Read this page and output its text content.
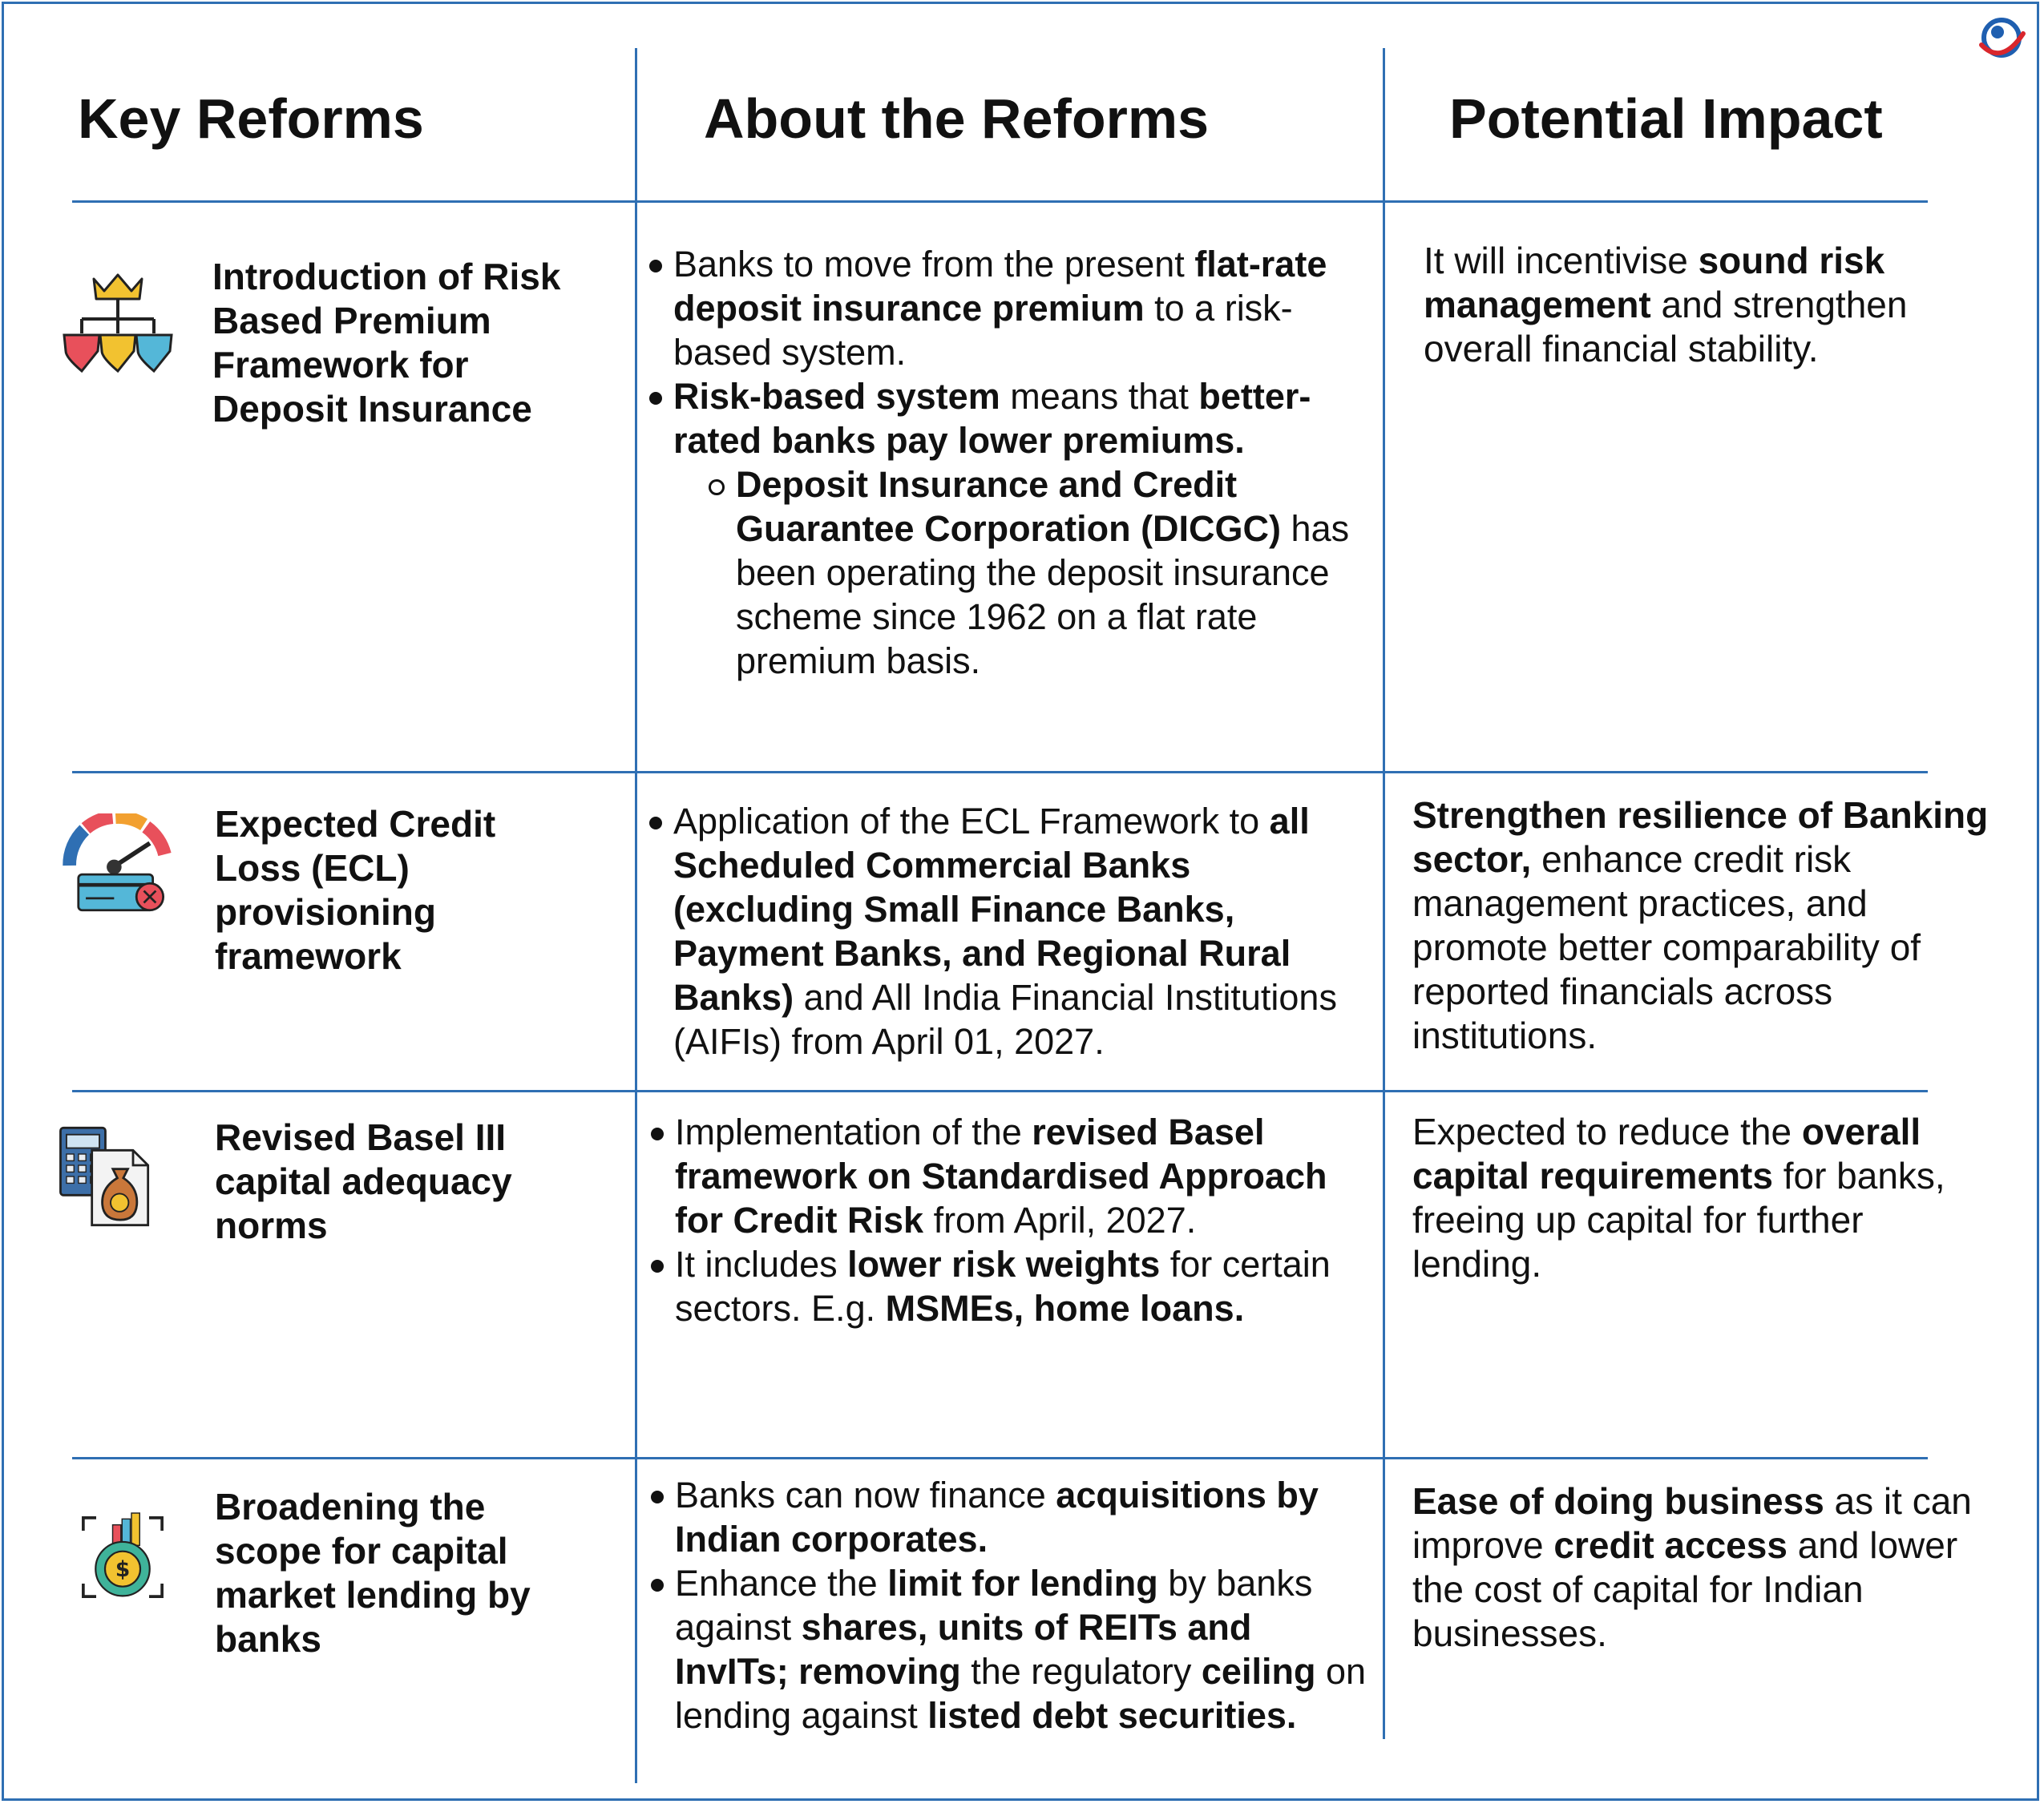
Key Reforms	About the Reforms	Potential Impact
Introduction of Risk Based Premium Framework for Deposit Insurance
Banks to move from the present flat-rate deposit insurance premium to a risk-based system.
Risk-based system means that better-rated banks pay lower premiums.
Deposit Insurance and Credit Guarantee Corporation (DICGC) has been operating the deposit insurance scheme since 1962 on a flat rate premium basis.
It will incentivise sound risk management and strengthen overall financial stability.
Expected Credit Loss (ECL) provisioning framework
Application of the ECL Framework to all Scheduled Commercial Banks (excluding Small Finance Banks, Payment Banks, and Regional Rural Banks) and All India Financial Institutions (AIFIs) from April 01, 2027.
Strengthen resilience of Banking sector, enhance credit risk management practices, and promote better comparability of reported financials across institutions.
Revised Basel III capital adequacy norms
Implementation of the revised Basel framework on Standardised Approach for Credit Risk from April, 2027.
It includes lower risk weights for certain sectors. E.g. MSMEs, home loans.
Expected to reduce the overall capital requirements for banks, freeing up capital for further lending.
$
Broadening the scope for capital market lending by banks
Banks can now finance acquisitions by Indian corporates.
Enhance the limit for lending by banks against shares, units of REITs and InvITs; removing the regulatory ceiling on lending against listed debt securities.
Ease of doing business as it can improve credit access and lower the cost of capital for Indian businesses.
